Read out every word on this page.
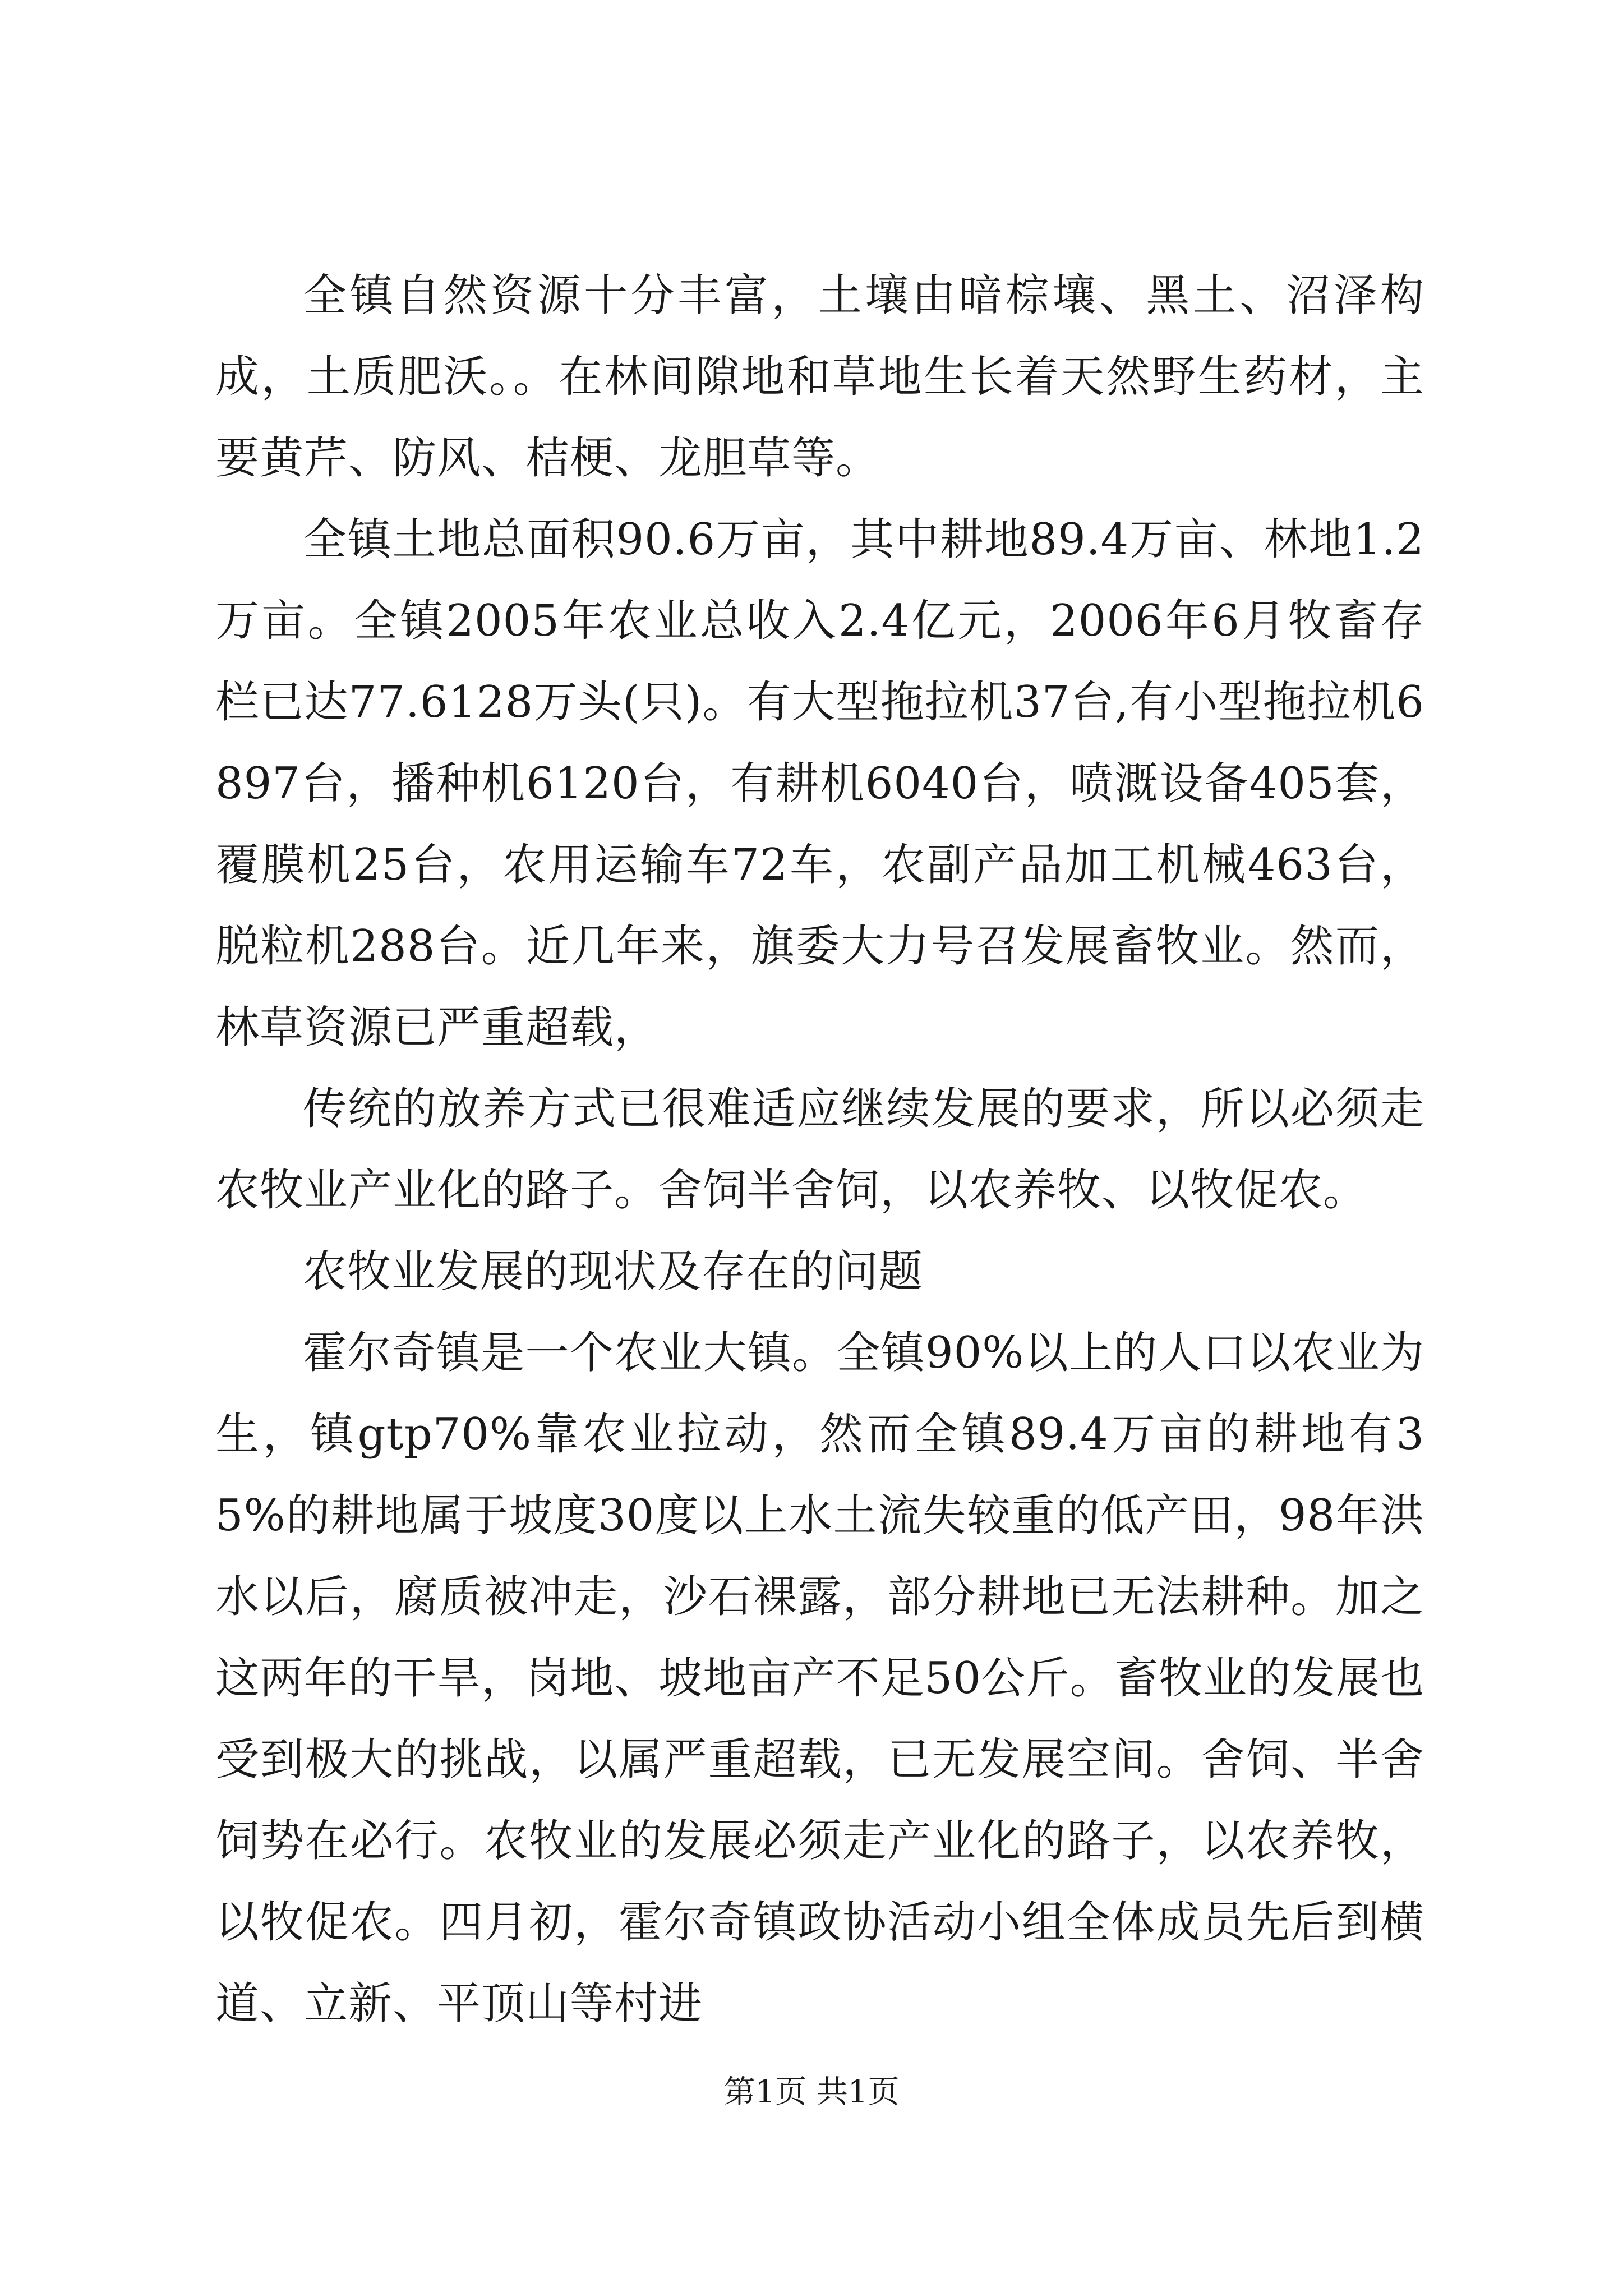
全镇自然资源十分丰富，土壤由暗棕壤、黑土、沼泽构成，土质肥沃。。在林间隙地和草地生长着天然野生药材，主要黄芹、防风、桔梗、龙胆草等。

全镇土地总面积90.6万亩，其中耕地89.4万亩、林地1.2万亩。全镇2005年农业总收入2.4亿元，2006年6月牧畜存栏已达77.6128万头(只)。有大型拖拉机37台,有小型拖拉机6897台，播种机6120台，有耕机6040台，喷溉设备405套，覆膜机25台，农用运输车72车，农副产品加工机械463台，脱粒机288台。近几年来，旗委大力号召发展畜牧业。然而，林草资源已严重超载，

传统的放养方式已很难适应继续发展的要求，所以必须走农牧业产业化的路子。舍饲半舍饲，以农养牧、以牧促农。

农牧业发展的现状及存在的问题

霍尔奇镇是一个农业大镇。全镇90%以上的人口以农业为生，镇gtp70%靠农业拉动，然而全镇89.4万亩的耕地有35%的耕地属于坡度30度以上水土流失较重的低产田，98年洪水以后，腐质被冲走，沙石裸露，部分耕地已无法耕种。加之这两年的干旱，岗地、坡地亩产不足50公斤。畜牧业的发展也受到极大的挑战，以属严重超载，已无发展空间。舍饲、半舍饲势在必行。农牧业的发展必须走产业化的路子，以农养牧，以牧促农。四月初，霍尔奇镇政协活动小组全体成员先后到横道、立新、平顶山等村进

第1页 共1页
